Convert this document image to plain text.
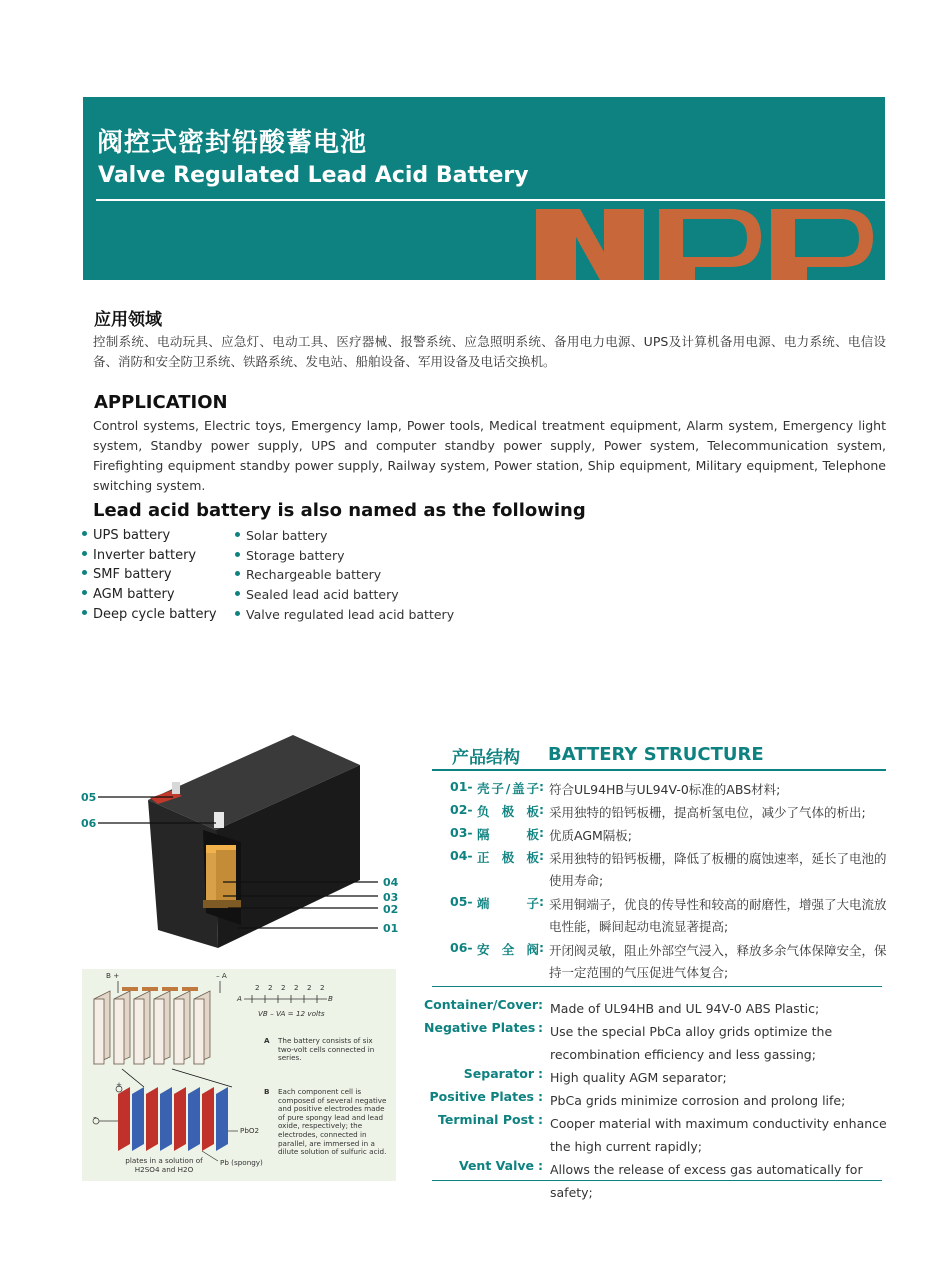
阀控式密封铅酸蓄电池
Valve Regulated Lead Acid Battery
应用领域
控制系统、电动玩具、应急灯、电动工具、医疗器械、报警系统、应急照明系统、备用电力电源、UPS及计算机备用电源、电力系统、电信设备、消防和安全防卫系统、铁路系统、发电站、船舶设备、军用设备及电话交换机。
APPLICATION
Control systems, Electric toys, Emergency lamp, Power tools, Medical treatment equipment, Alarm system, Emergency light system, Standby power supply, UPS and computer standby power supply, Power system, Telecommunication system, Firefighting equipment standby power supply, Railway system, Power station, Ship equipment, Military equipment, Telephone switching system.
Lead acid battery is also named as the following
UPS battery
Inverter battery
SMF battery
AGM battery
Deep cycle battery
Solar battery
Storage battery
Rechargeable battery
Sealed lead acid battery
Valve regulated lead acid battery
05
06
04
03
02
01
B +	– A
A	B
2 2 2 2 2 2
VB – VA = 12 volts
A The battery consists of six two-volt cells connected in series.
B Each component cell is composed of several negative and positive electrodes made of pure spongy lead and lead oxide, respectively; the electrodes, connected in parallel, are immersed in a dilute solution of sulfuric acid.
+
–
PbO2
Pb (spongy)
plates in a solution of H2SO4 and H2O
产品结构 BATTERY STRUCTURE
01- 壳子/盖子 : 符合UL94HB与UL94V-0标准的ABS材料;
02- 负极板 : 采用独特的铅钙板栅，提高析氢电位，减少了气体的析出;
03- 隔板 : 优质AGM隔板;
04- 正极板 : 采用独特的铅钙板栅，降低了板栅的腐蚀速率，延长了电池的使用寿命;
05- 端子 : 采用铜端子，优良的传导性和较高的耐磨性，增强了大电流放电性能，瞬间起动电流显著提高;
06- 安全阀 : 开闭阀灵敏，阻止外部空气浸入，释放多余气体保障安全，保持一定范围的气压促进气体复合;
Container/Cover : Made of UL94HB and UL 94V-0 ABS Plastic;
Negative Plates : Use the special PbCa alloy grids optimize the recombination efficiency and less gassing;
Separator : High quality AGM separator;
Positive Plates : PbCa grids minimize corrosion and prolong life;
Terminal Post : Cooper material with maximum conductivity enhance the high current rapidly;
Vent Valve : Allows the release of excess gas automatically for safety;
